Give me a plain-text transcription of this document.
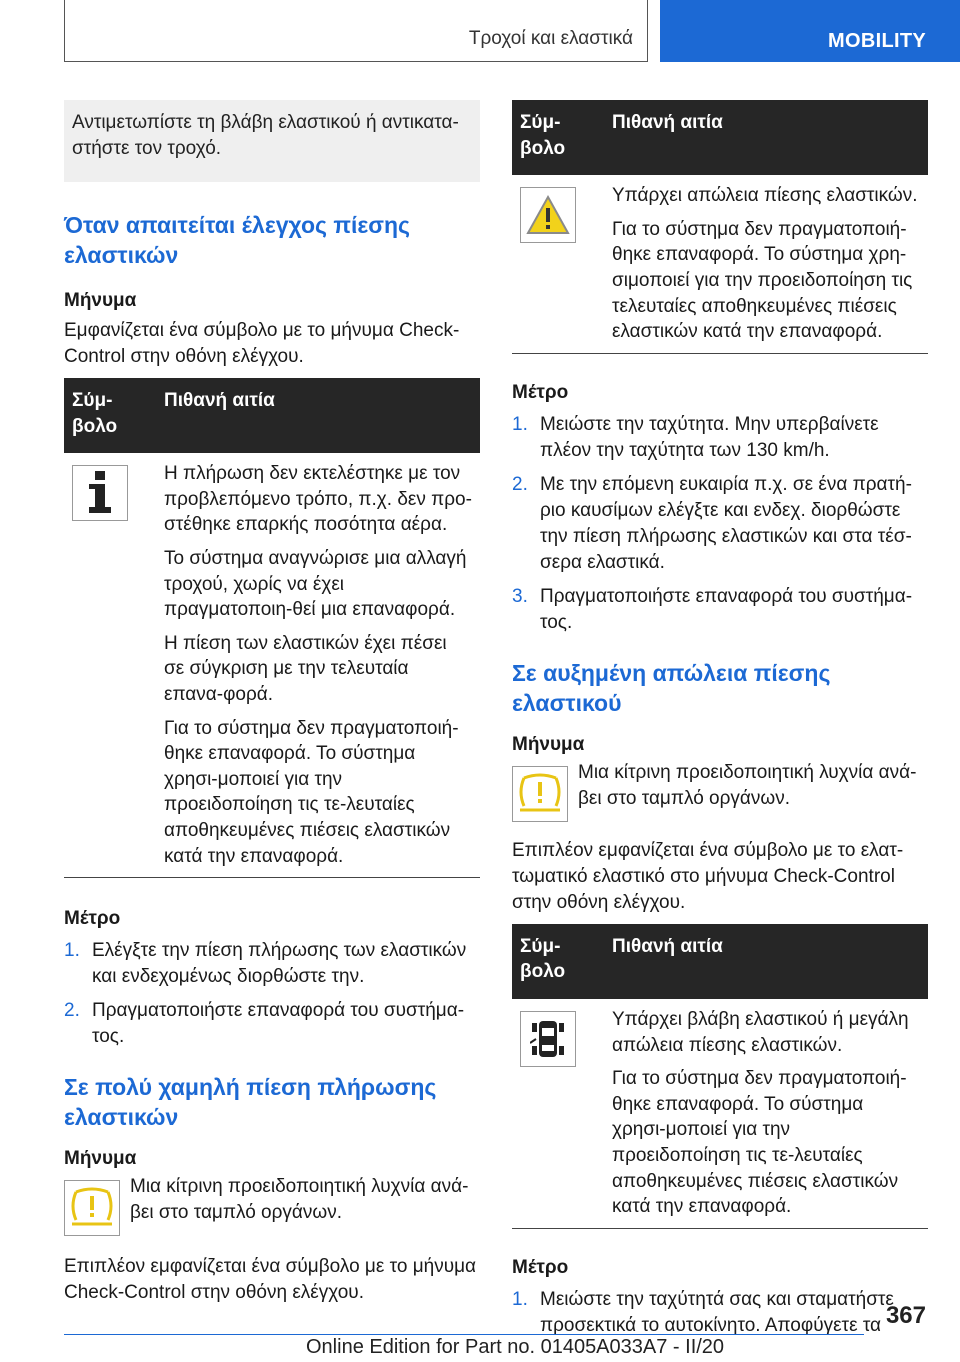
Τροχοί και ελαστικά	MOBILITY

Αντιμετωπίστε τη βλάβη ελαστικού ή αντικατα-στήστε τον τροχό.

Όταν απαιτείται έλεγχος πίεσης ελαστικών

Μήνυμα

Εμφανίζεται ένα σύμβολο με το μήνυμα Check-Control στην οθόνη ελέγχου.

Σύμ-βολο	Πιθανή αιτία

Η πλήρωση δεν εκτελέστηκε με τον προβλεπόμενο τρόπο, π.χ. δεν προ-στέθηκε επαρκής ποσότητα αέρα.
Το σύστημα αναγνώρισε μια αλλαγή τροχού, χωρίς να έχει πραγματοποιη-θεί μια επαναφορά.
Η πίεση των ελαστικών έχει πέσει σε σύγκριση με την τελευταία επανα-φορά.
Για το σύστημα δεν πραγματοποιή-θηκε επαναφορά. Το σύστημα χρησι-μοποιεί για την προειδοποίηση τις τε-λευταίες αποθηκευμένες πιέσεις ελαστικών κατά την επαναφορά.

Μέτρο

1. Ελέγξτε την πίεση πλήρωσης των ελαστικών και ενδεχομένως διορθώστε την.
2. Πραγματοποιήστε επαναφορά του συστήμα-τος.
Σε πολύ χαμηλή πίεση πλήρωσης ελαστικών

Μήνυμα

Μια κίτρινη προειδοποιητική λυχνία ανά-βει στο ταμπλό οργάνων.

Επιπλέον εμφανίζεται ένα σύμβολο με το μήνυμα Check-Control στην οθόνη ελέγχου.

Σύμ-βολο	Πιθανή αιτία

Υπάρχει απώλεια πίεσης ελαστικών.
Για το σύστημα δεν πραγματοποιή-θηκε επαναφορά. Το σύστημα χρη-σιμοποιεί για την προειδοποίηση τις τελευταίες αποθηκευμένες πιέσεις ελαστικών κατά την επαναφορά.

Μέτρο

1. Μειώστε την ταχύτητα. Μην υπερβαίνετε πλέον την ταχύτητα των 130 km/h.
2. Με την επόμενη ευκαιρία π.χ. σε ένα πρατή-ριο καυσίμων ελέγξτε και ενδεχ. διορθώστε την πίεση πλήρωσης ελαστικών και στα τέσ-σερα ελαστικά.
3. Πραγματοποιήστε επαναφορά του συστήμα-τος.
Σε αυξημένη απώλεια πίεσης ελαστικού

Μήνυμα

Μια κίτρινη προειδοποιητική λυχνία ανά-βει στο ταμπλό οργάνων.

Επιπλέον εμφανίζεται ένα σύμβολο με το ελατ-τωματικό ελαστικό στο μήνυμα Check-Control στην οθόνη ελέγχου.

Σύμ-βολο	Πιθανή αιτία

Υπάρχει βλάβη ελαστικού ή μεγάλη απώλεια πίεσης ελαστικών.
Για το σύστημα δεν πραγματοποιή-θηκε επαναφορά. Το σύστημα χρησι-μοποιεί για την προειδοποίηση τις τε-λευταίες αποθηκευμένες πιέσεις ελαστικών κατά την επαναφορά.

Μέτρο

1. Μειώστε την ταχύτητά σας και σταματήστε προσεκτικά το αυτοκίνητο. Αποφύγετε τα 367
Online Edition for Part no. 01405A033A7 - II/20
